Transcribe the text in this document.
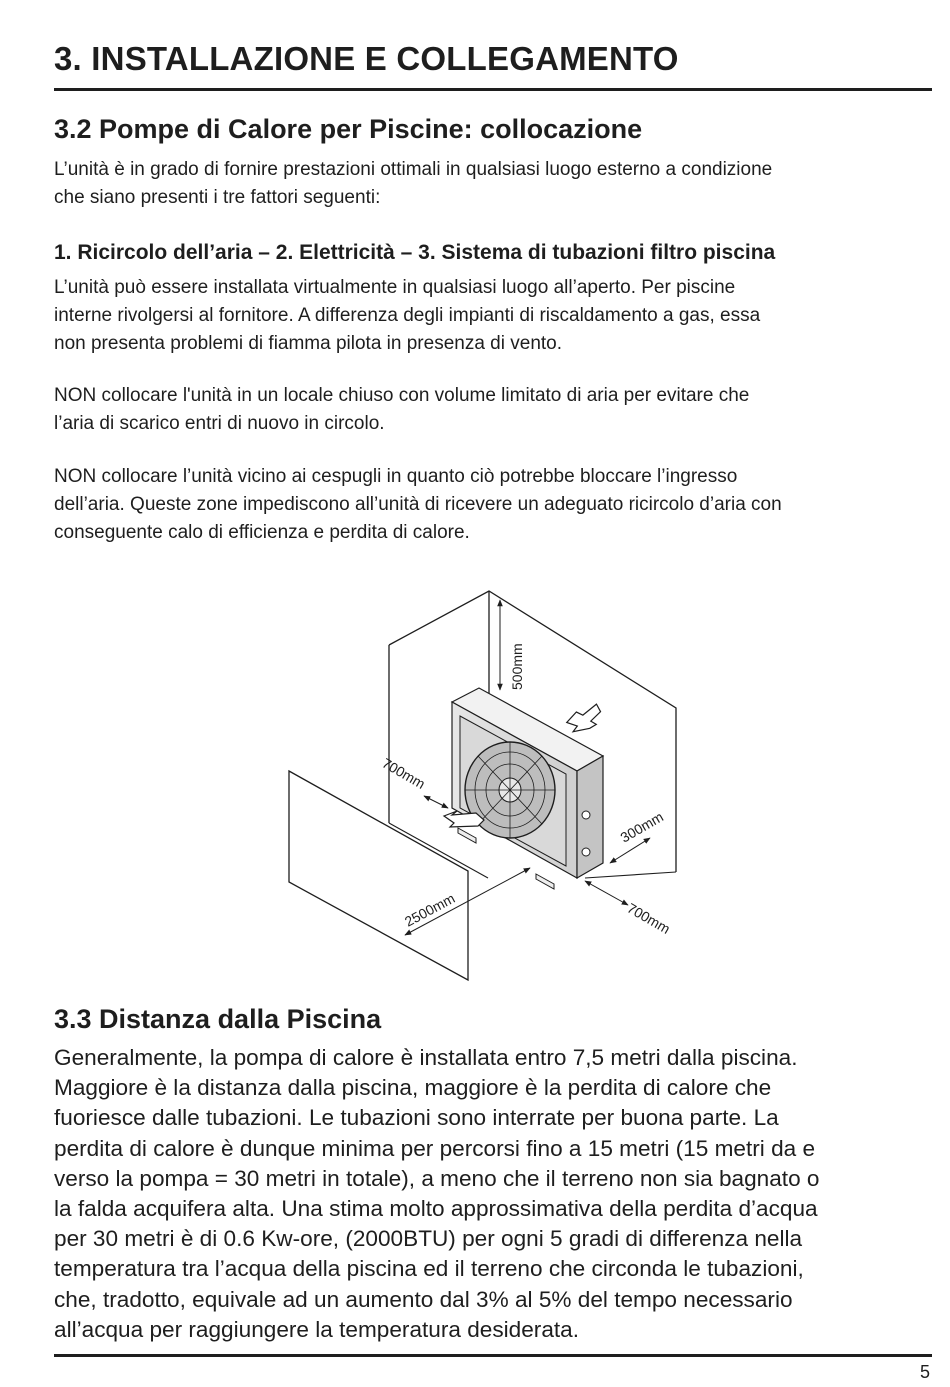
3. INSTALLAZIONE E COLLEGAMENTO
3.2 Pompe di Calore per Piscine: collocazione
L’unità è in grado di fornire prestazioni ottimali in qualsiasi luogo esterno a condizione
che siano presenti i tre fattori seguenti:
1. Ricircolo dell’aria – 2. Elettricità – 3. Sistema di tubazioni filtro piscina
L’unità può essere installata virtualmente in qualsiasi luogo all’aperto. Per piscine
interne rivolgersi al fornitore. A differenza degli impianti di riscaldamento a gas, essa
non presenta problemi di fiamma pilota in presenza di vento.
NON collocare l'unità in un locale chiuso con volume limitato di aria per evitare che
l’aria di scarico entri di nuovo in circolo.
NON collocare l’unità vicino ai cespugli in quanto ciò potrebbe bloccare l’ingresso
dell’aria. Queste zone impediscono all’unità di ricevere un adeguato ricircolo d’aria con
conseguente calo di efficienza e perdita di calore.
500mm
700mm
300mm
700mm
2500mm
3.3 Distanza dalla Piscina
Generalmente, la pompa di calore è installata entro 7,5 metri dalla piscina.
Maggiore è la distanza dalla piscina, maggiore è la perdita di calore che
fuoriesce dalle tubazioni. Le tubazioni sono interrate per buona parte. La
perdita di calore è dunque minima per percorsi fino a 15 metri (15 metri da e
verso la pompa = 30 metri in totale), a meno che il terreno non sia bagnato o
la falda acquifera alta. Una stima molto approssimativa della perdita d’acqua
per 30 metri è di 0.6 Kw-ore, (2000BTU) per ogni 5 gradi di differenza nella
temperatura tra l’acqua della piscina ed il terreno che circonda le tubazioni,
che, tradotto, equivale ad un aumento dal 3% al 5% del tempo necessario
all’acqua per raggiungere la temperatura desiderata.
5
